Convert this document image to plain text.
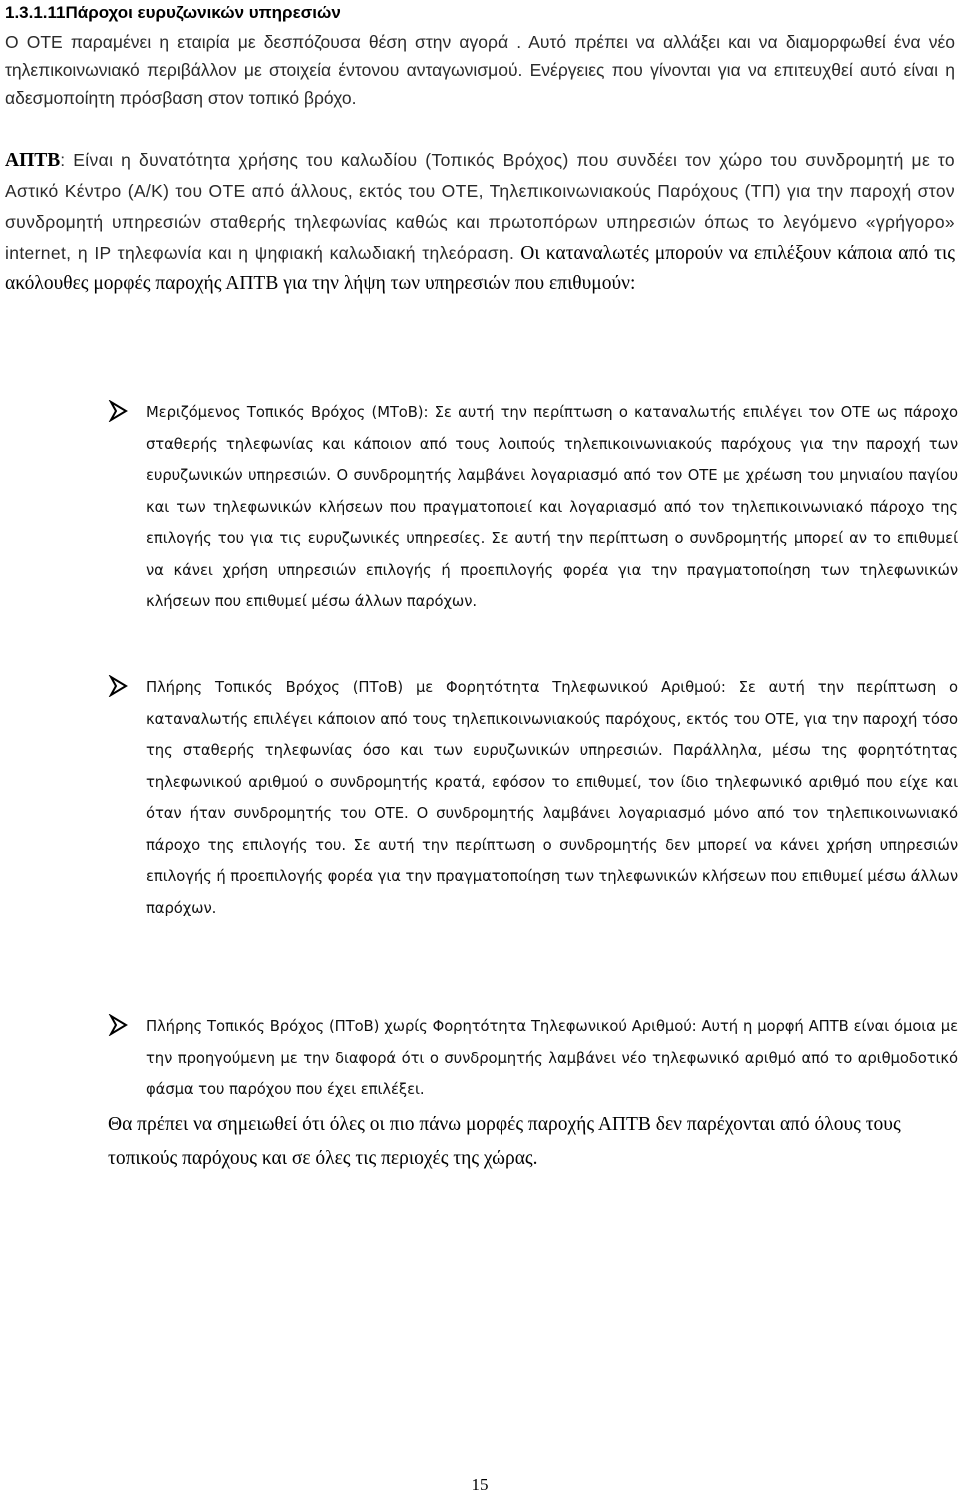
1.3.1.11Πάροχοι ευρυζωνικών υπηρεσιών
Ο ΟΤΕ παραμένει η εταιρία με δεσπόζουσα θέση στην αγορά . Αυτό πρέπει να αλλάξει και να διαμορφωθεί ένα νέο τηλεπικοινωνιακό περιβάλλον με στοιχεία έντονου ανταγωνισμού. Ενέργειες που γίνονται για να επιτευχθεί αυτό είναι η αδεσμοποίητη πρόσβαση στον τοπικό βρόχο.
ΑΠΤΒ: Είναι η δυνατότητα χρήσης του καλωδίου (Τοπικός Βρόχος) που συνδέει τον χώρο του συνδρομητή με το Αστικό Κέντρο (Α/Κ) του ΟΤΕ από άλλους, εκτός του ΟΤΕ, Τηλεπικοινωνιακούς Παρόχους (ΤΠ) για την παροχή στον συνδρομητή υπηρεσιών σταθερής τηλεφωνίας καθώς και πρωτοπόρων υπηρεσιών όπως το λεγόμενο «γρήγορο» internet, η IP τηλεφωνία και η ψηφιακή καλωδιακή τηλεόραση. Οι καταναλωτές μπορούν να επιλέξουν κάποια από τις ακόλουθες μορφές παροχής ΑΠΤΒ για την λήψη των υπηρεσιών που επιθυμούν:
Μεριζόμενος Τοπικός Βρόχος (ΜΤοΒ): Σε αυτή την περίπτωση ο καταναλωτής επιλέγει τον ΟΤΕ ως πάροχο σταθερής τηλεφωνίας και κάποιον από τους λοιπούς τηλεπικοινωνιακούς παρόχους για την παροχή των ευρυζωνικών υπηρεσιών. Ο συνδρομητής λαμβάνει λογαριασμό από τον ΟΤΕ με χρέωση του μηνιαίου παγίου και των τηλεφωνικών κλήσεων που πραγματοποιεί και λογαριασμό από τον τηλεπικοινωνιακό πάροχο της επιλογής του για τις ευρυζωνικές υπηρεσίες. Σε αυτή την περίπτωση ο συνδρομητής μπορεί αν το επιθυμεί να κάνει χρήση υπηρεσιών επιλογής ή προεπιλογής φορέα για την πραγματοποίηση των τηλεφωνικών κλήσεων που επιθυμεί μέσω άλλων παρόχων.
Πλήρης Τοπικός Βρόχος (ΠΤοΒ) με Φορητότητα Τηλεφωνικού Αριθμού: Σε αυτή την περίπτωση ο καταναλωτής επιλέγει κάποιον από τους τηλεπικοινωνιακούς παρόχους, εκτός του ΟΤΕ, για την παροχή τόσο της σταθερής τηλεφωνίας όσο και των ευρυζωνικών υπηρεσιών. Παράλληλα, μέσω της φορητότητας τηλεφωνικού αριθμού ο συνδρομητής κρατά, εφόσον το επιθυμεί, τον ίδιο τηλεφωνικό αριθμό που είχε και όταν ήταν συνδρομητής του ΟΤΕ. Ο συνδρομητής λαμβάνει λογαριασμό μόνο από τον τηλεπικοινωνιακό πάροχο της επιλογής του. Σε αυτή την περίπτωση ο συνδρομητής δεν μπορεί να κάνει χρήση υπηρεσιών επιλογής ή προεπιλογής φορέα για την πραγματοποίηση των τηλεφωνικών κλήσεων που επιθυμεί μέσω άλλων παρόχων.
Πλήρης Τοπικός Βρόχος (ΠΤοΒ) χωρίς Φορητότητα Τηλεφωνικού Αριθμού: Αυτή η μορφή ΑΠΤΒ είναι όμοια με την προηγούμενη με την διαφορά ότι ο συνδρομητής λαμβάνει νέο τηλεφωνικό αριθμό από το αριθμοδοτικό φάσμα του παρόχου που έχει επιλέξει.
Θα πρέπει να σημειωθεί ότι όλες οι πιο πάνω μορφές παροχής ΑΠΤΒ δεν παρέχονται από όλους τους τοπικούς παρόχους και σε όλες τις περιοχές της χώρας.
15
